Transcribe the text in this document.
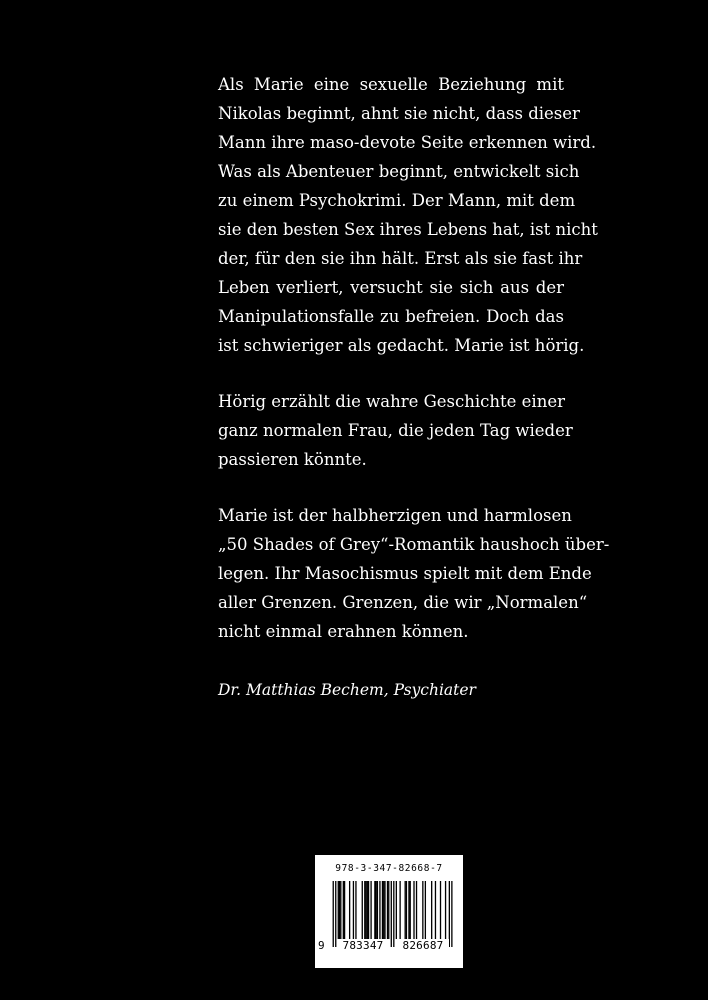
Als Marie eine sexuelle Beziehung mit
Nikolas beginnt, ahnt sie nicht, dass dieser
Mann ihre maso-devote Seite erkennen wird.
Was als Abenteuer beginnt, entwickelt sich
zu einem Psychokrimi. Der Mann, mit dem
sie den besten Sex ihres Lebens hat, ist nicht
der, für den sie ihn hält. Erst als sie fast ihr
Leben verliert, versucht sie sich aus der
Manipulationsfalle zu befreien. Doch das
ist schwieriger als gedacht. Marie ist hörig.

Hörig erzählt die wahre Geschichte einer
ganz normalen Frau, die jeden Tag wieder
passieren könnte.

Marie ist der halbherzigen und harmlosen
„50 Shades of Grey“-Romantik haushoch über-
legen. Ihr Masochismus spielt mit dem Ende
aller Grenzen. Grenzen, die wir „Normalen“
nicht einmal erahnen können.

Dr. Matthias Bechem, Psychiater
978-3-347-82668-7
9	783347	826687
